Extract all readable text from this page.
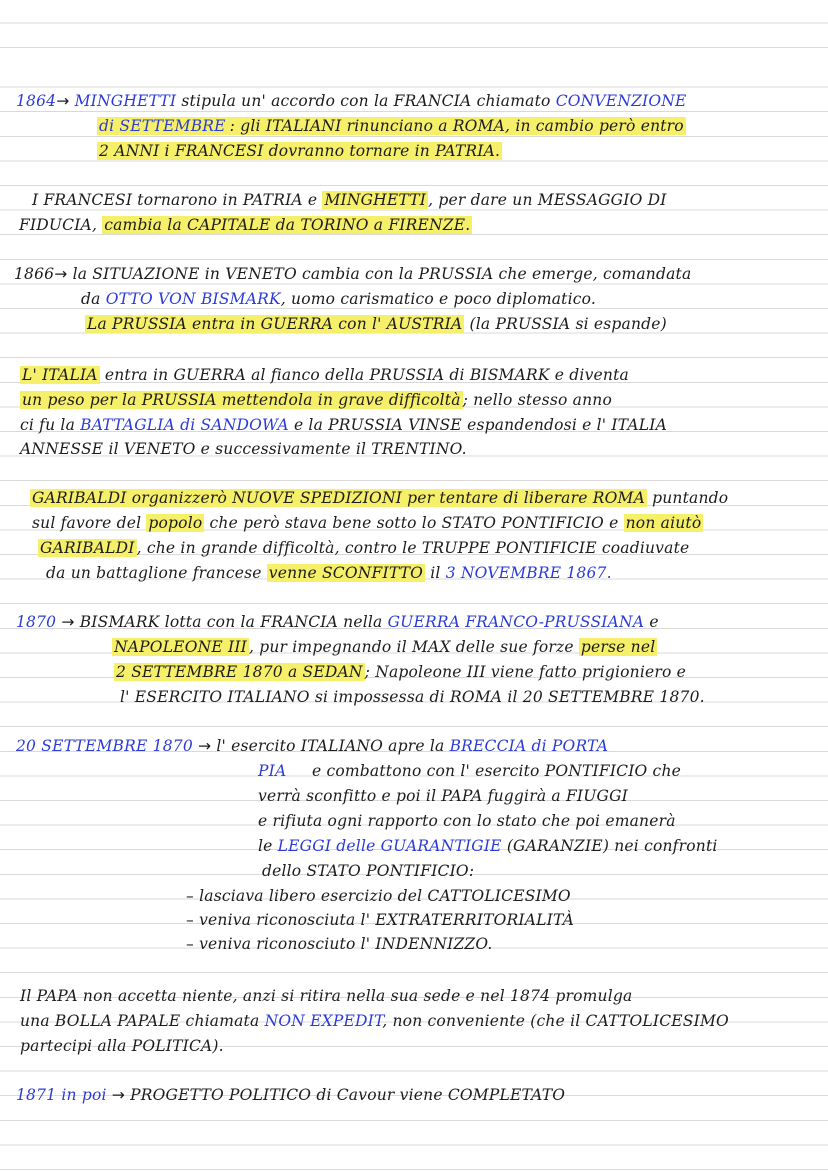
1864→ MINGHETTI stipula un' accordo con la FRANCIA chiamato CONVENZIONE
di SETTEMBRE : gli ITALIANI rinunciano a ROMA, in cambio però entro
2 ANNI i FRANCESI dovranno tornare in PATRIA.
I FRANCESI tornarono in PATRIA e MINGHETTI , per dare un MESSAGGIO DI
FIDUCIA, cambia la CAPITALE da TORINO a FIRENZE.
1866→ la SITUAZIONE in VENETO cambia con la PRUSSIA che emerge, comandata
da OTTO VON BISMARK, uomo carismatico e poco diplomatico.
La PRUSSIA entra in GUERRA con l' AUSTRIA (la PRUSSIA si espande)
L' ITALIA entra in GUERRA al fianco della PRUSSIA di BISMARK e diventa
un peso per la PRUSSIA mettendola in grave difficoltà ; nello stesso anno
ci fu la BATTAGLIA di SANDOWA e la PRUSSIA VINSE espandendosi e l' ITALIA
ANNESSE il VENETO e successivamente il TRENTINO.
GARIBALDI organizzerò NUOVE SPEDIZIONI per tentare di liberare ROMA puntando
sul favore del popolo che però stava bene sotto lo STATO PONTIFICIO e non aiutò
GARIBALDI , che in grande difficoltà, contro le TRUPPE PONTIFICIE coadiuvate
da un battaglione francese venne SCONFITTO il 3 NOVEMBRE 1867.
1870 → BISMARK lotta con la FRANCIA nella GUERRA FRANCO-PRUSSIANA e
NAPOLEONE III , pur impegnando il MAX delle sue forze perse nel
2 SETTEMBRE 1870 a SEDAN ; Napoleone III viene fatto prigioniero e
l' ESERCITO ITALIANO si impossessa di ROMA il 20 SETTEMBRE 1870.
20 SETTEMBRE 1870 → l' esercito ITALIANO apre la BRECCIA di PORTA
PIA e combattono con l' esercito PONTIFICIO che
verrà sconfitto e poi il PAPA fuggirà a FIUGGI
e rifiuta ogni rapporto con lo stato che poi emanerà
le LEGGI delle GUARANTIGIE (GARANZIE) nei confronti
dello STATO PONTIFICIO:
– lasciava libero esercizio del CATTOLICESIMO
– veniva riconosciuta l' EXTRATERRITORIALITÀ
– veniva riconosciuto l' INDENNIZZO.
Il PAPA non accetta niente, anzi si ritira nella sua sede e nel 1874 promulga
una BOLLA PAPALE chiamata NON EXPEDIT, non conveniente (che il CATTOLICESIMO
partecipi alla POLITICA).
1871 in poi → PROGETTO POLITICO di Cavour viene COMPLETATO
